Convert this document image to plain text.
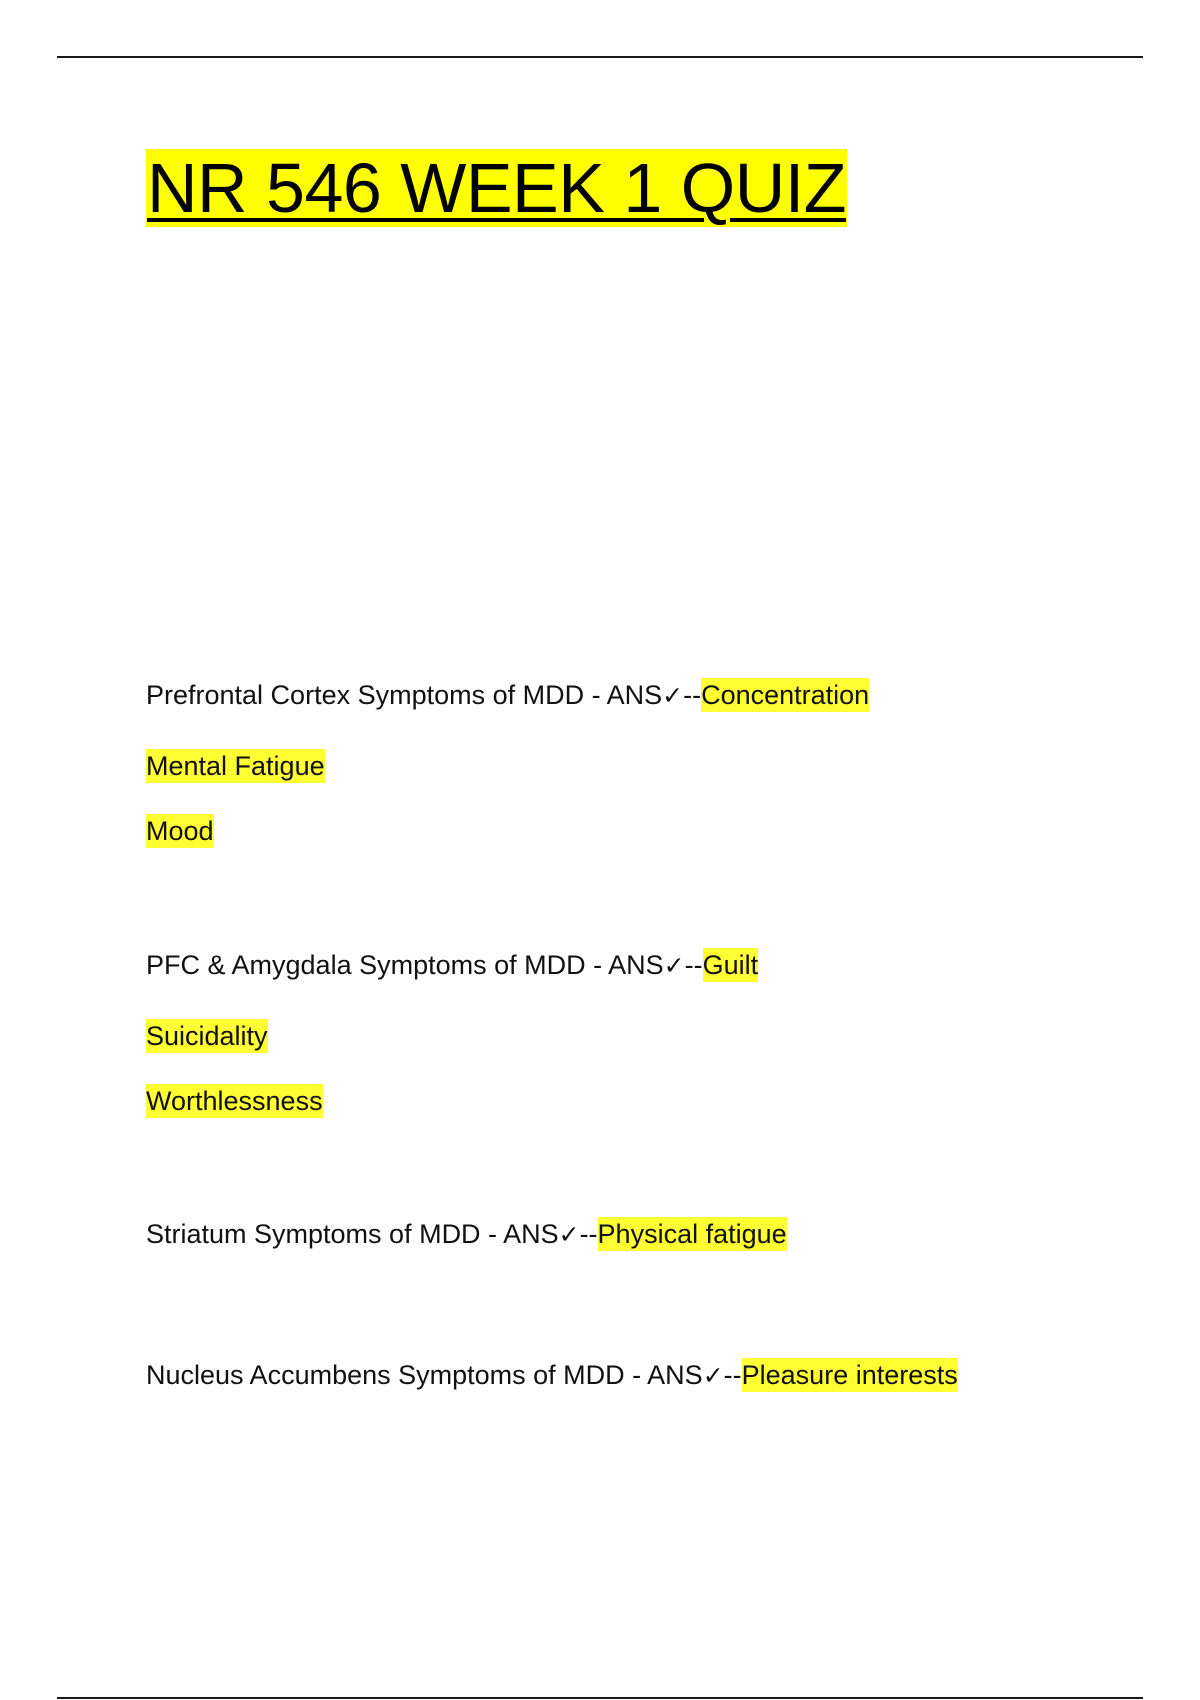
NR 546 WEEK 1 QUIZ
Prefrontal Cortex Symptoms of MDD - ANS✓--Concentration
Mental Fatigue
Mood
PFC & Amygdala Symptoms of MDD - ANS✓--Guilt
Suicidality
Worthlessness
Striatum Symptoms of MDD - ANS✓--Physical fatigue
Nucleus Accumbens Symptoms of MDD - ANS✓--Pleasure interests
